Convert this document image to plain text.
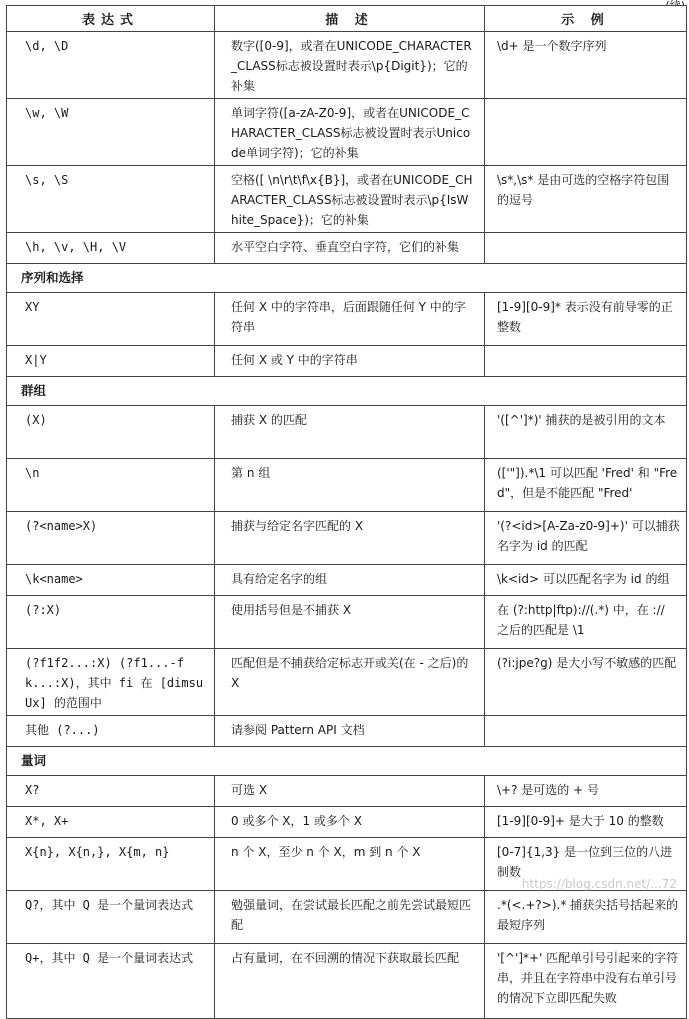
表达式	描 述	示 例
\d, \D	数字([0-9]，或者在UNICODE_CHARACTER_CLASS标志被设置时表示\p{Digit})；它的补集	\d+ 是一个数字序列
\w, \W	单词字符([a-zA-Z0-9]，或者在UNICODE_CHARACTER_CLASS标志被设置时表示Unicode单词字符)；它的补集	
\s, \S	空格([ \n\r\t\f\x{B}]，或者在UNICODE_CHARACTER_CLASS标志被设置时表示\p{IsWhite_Space})；它的补集	\s*,\s* 是由可选的空格字符包围的逗号
\h, \v, \H, \V	水平空白字符、垂直空白字符，它们的补集	
序列和选择		
XY	任何 X 中的字符串，后面跟随任何 Y 中的字符串	[1-9][0-9]* 表示没有前导零的正整数
X|Y	任何 X 或 Y 中的字符串	
群组		
(X)	捕获 X 的匹配	'([^']*)' 捕获的是被引用的文本
\n	第 n 组	(['"]).*\1 可以匹配 'Fred' 和 "Fred"，但是不能匹配 "Fred'
(?<name>X)	捕获与给定名字匹配的 X	'(?<id>[A-Za-z0-9]+)' 可以捕获名字为 id 的匹配
\k<name>	具有给定名字的组	\k<id> 可以匹配名字为 id 的组
(?:X)	使用括号但是不捕获 X	在 (?:http|ftp)://(.*) 中，在 :// 之后的匹配是 \1
(?f1f2...:X) (?f1...-fk...:X)，其中 fi 在 [dimsuUx] 的范围中	匹配但是不捕获给定标志开或关(在 - 之后)的 X	(?i:jpe?g) 是大小写不敏感的匹配
其他 (?...)	请参阅 Pattern API 文档	
量词		
X?	可选 X	\+? 是可选的 + 号
X*, X+	0 或多个 X，1 或多个 X	[1-9][0-9]+ 是大于 10 的整数
X{n}, X{n,}, X{m, n}	n 个 X，至少 n 个 X，m 到 n 个 X	[0-7]{1,3} 是一位到三位的八进制数
Q?，其中 Q 是一个量词表达式	勉强量词，在尝试最长匹配之前先尝试最短匹配	.*(<.+?>).* 捕获尖括号括起来的最短序列
Q+，其中 Q 是一个量词表达式	占有量词，在不回溯的情况下获取最长匹配	'[^']*+' 匹配单引号引起来的字符串，并且在字符串中没有右单引号的情况下立即匹配失败
https://blog.csdn.net/...72
